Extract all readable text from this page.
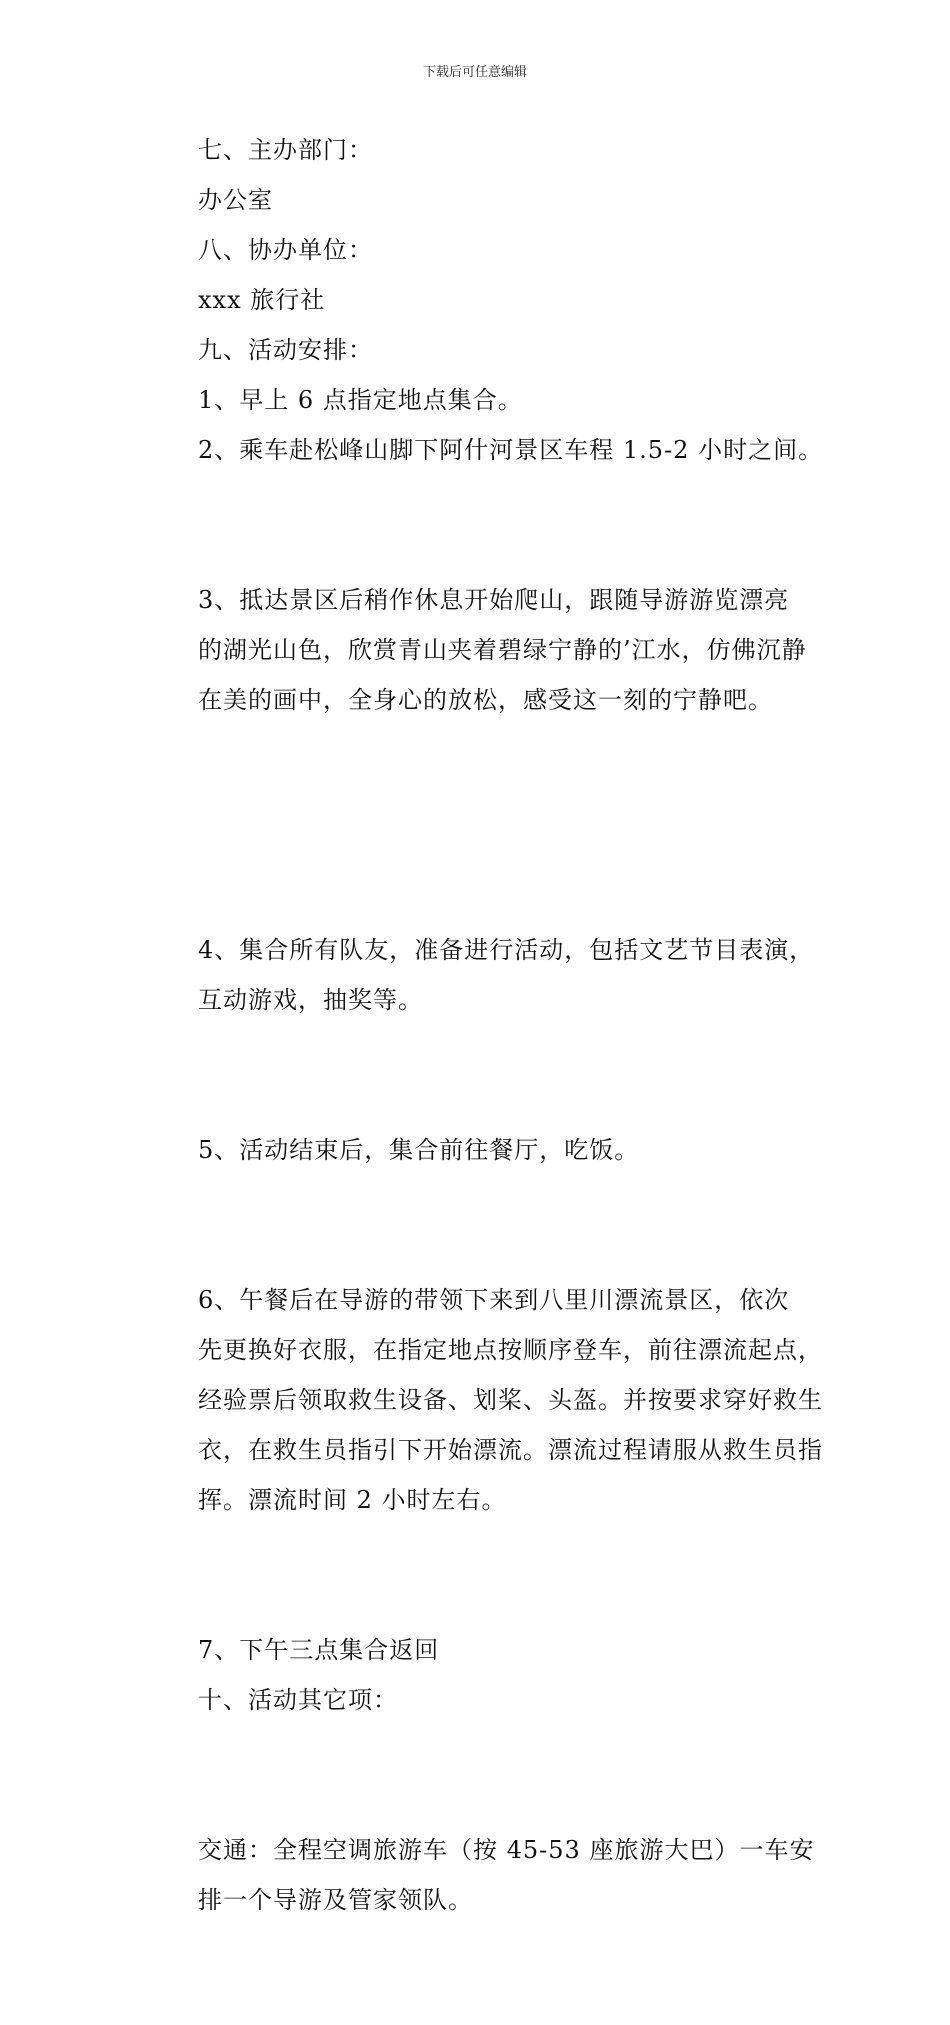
下载后可任意编辑

七、主办部门：

办公室

八、协办单位：

xxx 旅行社

九、活动安排：

1、早上 6 点指定地点集合。

2、乘车赴松峰山脚下阿什河景区车程 1.5-2 小时之间。

3、抵达景区后稍作休息开始爬山，跟随导游游览漂亮
的湖光山色，欣赏青山夹着碧绿宁静的’江水，仿佛沉静
在美的画中，全身心的放松，感受这一刻的宁静吧。

4、集合所有队友，准备进行活动，包括文艺节目表演，
互动游戏，抽奖等。

5、活动结束后，集合前往餐厅，吃饭。

6、午餐后在导游的带领下来到八里川漂流景区，依次
先更换好衣服，在指定地点按顺序登车，前往漂流起点，
经验票后领取救生设备、划桨、头盔。并按要求穿好救生
衣，在救生员指引下开始漂流。漂流过程请服从救生员指
挥。漂流时间 2 小时左右。

7、下午三点集合返回

十、活动其它项：

交通：全程空调旅游车（按 45-53 座旅游大巴）一车安
排一个导游及管家领队。
